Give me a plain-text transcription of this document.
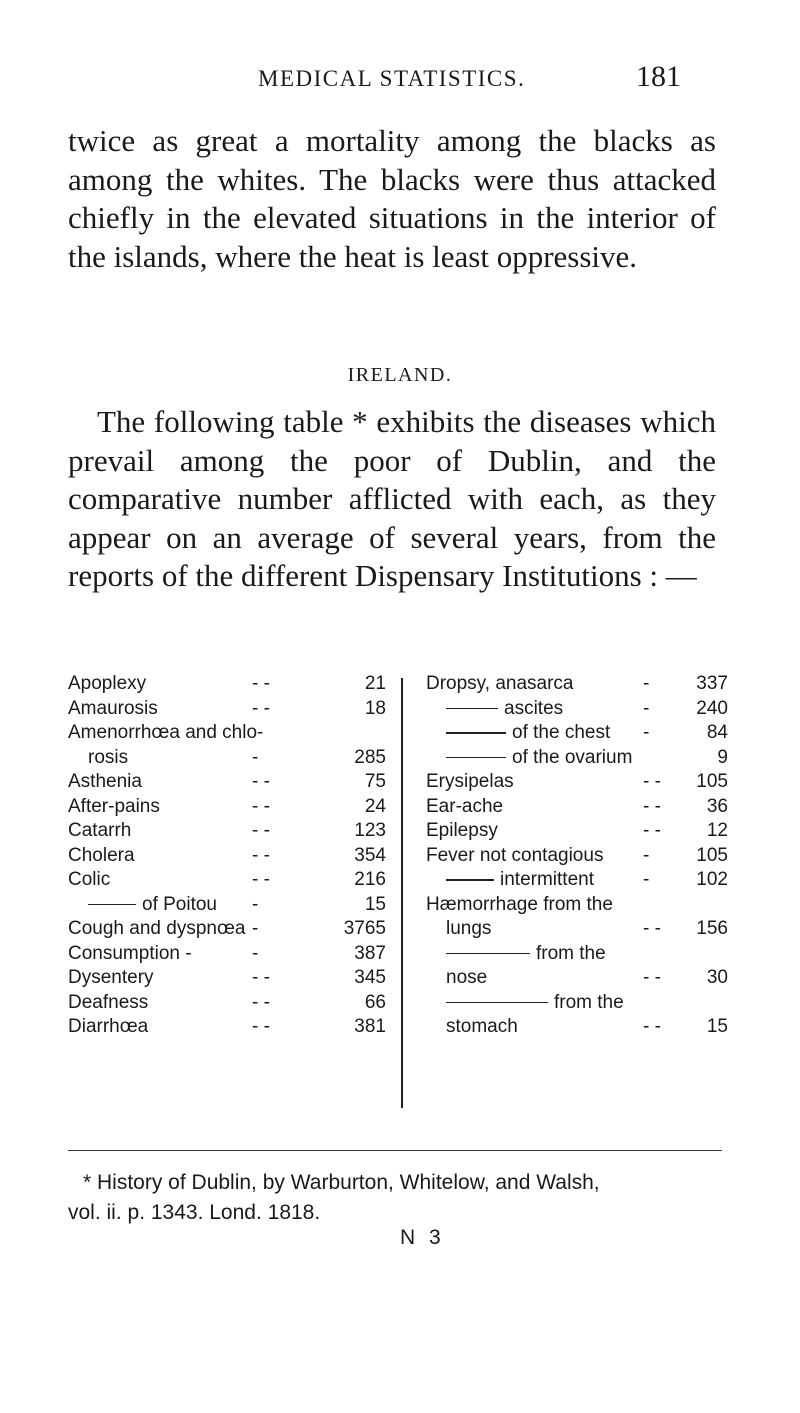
MEDICAL STATISTICS.	181

twice as great a mortality among the blacks as among the whites. The blacks were thus attacked chiefly in the elevated situations in the interior of the islands, where the heat is least oppressive.

IRELAND.

The following table * exhibits the diseases which prevail among the poor of Dublin, and the comparative number afflicted with each, as they appear on an average of several years, from the reports of the different Dispensary Institutions : —

Apoplexy	- -	21
Amaurosis	- -	18
Amenorrhœa and chlo-
rosis	-	285
Asthenia	- -	75
After-pains	- -	24
Catarrh	- -	123
Cholera	- -	354
Colic	- -	216
of Poitou -	15
Cough and dyspnœa -	3765
Consumption -	-	387
Dysentery	- -	345
Deafness	- -	66
Diarrhœa	- -	381
Dropsy, anasarca	- 337
ascites	- 240
of the chest -	84
of the ovarium	9
Erysipelas	- - 105
Ear-ache	- - 36
Epilepsy	- - 12
Fever not contagious - 105
intermittent	- 102
Hæmorrhage from the
lungs	- - 156
from the
nose	- - 30
from the
stomach	- - 15

* History of Dublin, by Warburton, Whitelow, and Walsh,
vol. ii. p. 1343. Lond. 1818.

N 3
